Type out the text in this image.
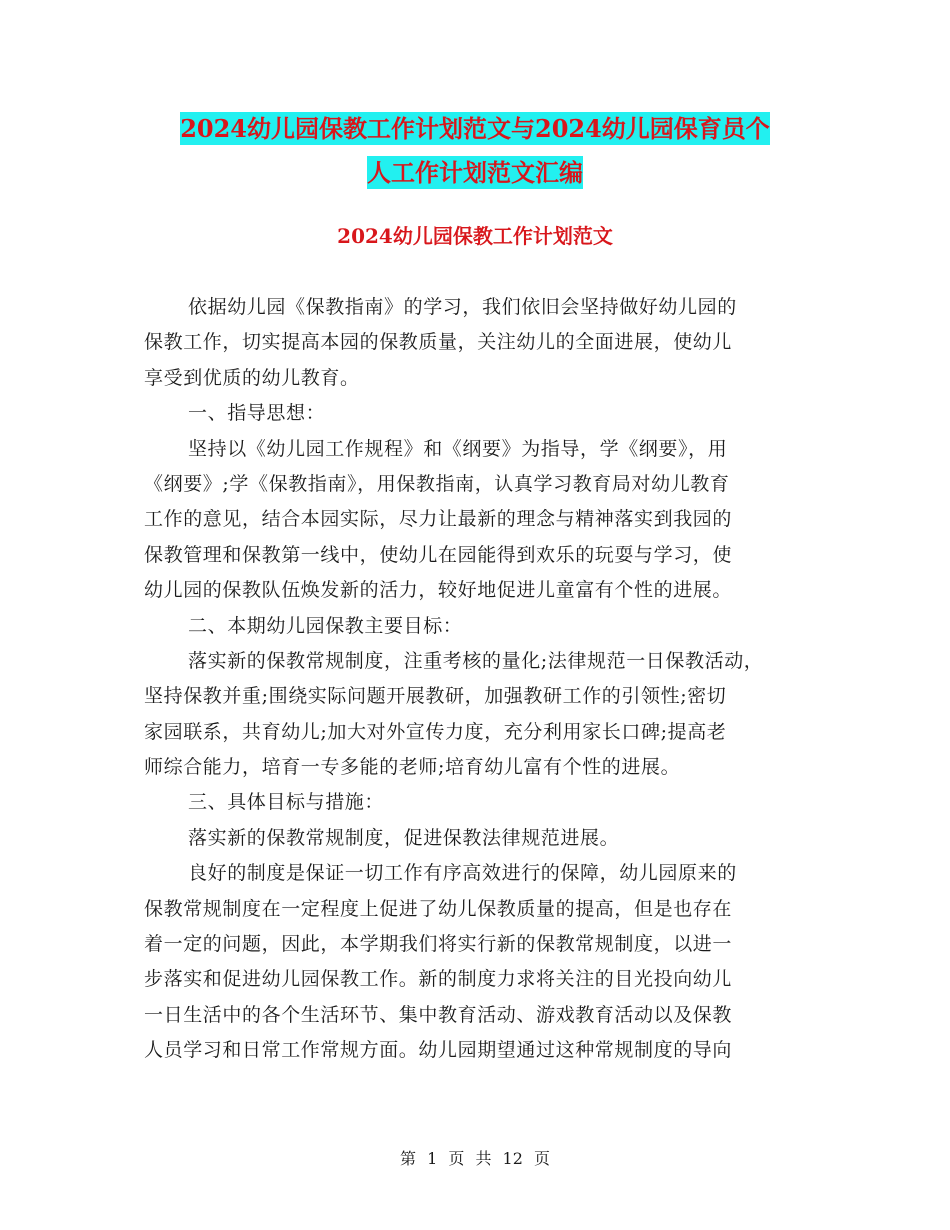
2024幼儿园保教工作计划范文与2024幼儿园保育员个
人工作计划范文汇编
2024幼儿园保教工作计划范文
依据幼儿园《保教指南》的学习，我们依旧会坚持做好幼儿园的
保教工作，切实提高本园的保教质量，关注幼儿的全面进展，使幼儿
享受到优质的幼儿教育。
一、指导思想：
坚持以《幼儿园工作规程》和《纲要》为指导，学《纲要》，用
《纲要》;学《保教指南》，用保教指南，认真学习教育局对幼儿教育
工作的意见，结合本园实际，尽力让最新的理念与精神落实到我园的
保教管理和保教第一线中，使幼儿在园能得到欢乐的玩耍与学习，使
幼儿园的保教队伍焕发新的活力，较好地促进儿童富有个性的进展。
二、本期幼儿园保教主要目标：
落实新的保教常规制度，注重考核的量化;法律规范一日保教活动，
坚持保教并重;围绕实际问题开展教研，加强教研工作的引领性;密切
家园联系，共育幼儿;加大对外宣传力度，充分利用家长口碑;提高老
师综合能力，培育一专多能的老师;培育幼儿富有个性的进展。
三、具体目标与措施：
落实新的保教常规制度，促进保教法律规范进展。
良好的制度是保证一切工作有序高效进行的保障，幼儿园原来的
保教常规制度在一定程度上促进了幼儿保教质量的提高，但是也存在
着一定的问题，因此，本学期我们将实行新的保教常规制度，以进一
步落实和促进幼儿园保教工作。新的制度力求将关注的目光投向幼儿
一日生活中的各个生活环节、集中教育活动、游戏教育活动以及保教
人员学习和日常工作常规方面。幼儿园期望通过这种常规制度的导向
第 1 页 共 12 页
